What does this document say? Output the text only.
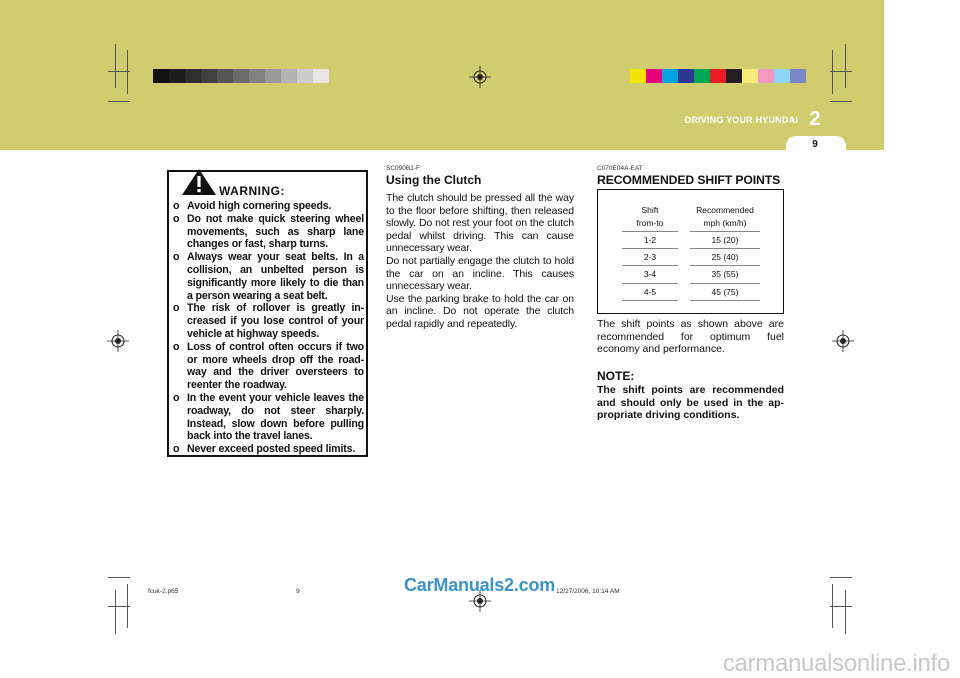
DRIVING YOUR HYUNDAI 2
9
WARNING:
o Avoid high cornering speeds.
o Do not make quick steering wheel movements, such as sharp lane changes or fast, sharp turns.
o Always wear your seat belts. In a collision, an unbelted person is significantly more likely to die than a person wearing a seat belt.
o The risk of rollover is greatly in- creased if you lose control of your vehicle at highway speeds.
o Loss of control often occurs if two or more wheels drop off the road- way and the driver oversteers to reenter the roadway.
o In the event your vehicle leaves the roadway, do not steer sharply. Instead, slow down before pulling back into the travel lanes.
o Never exceed posted speed limits.
SC090B1-F
Using the Clutch

The clutch should be pressed all the way to the floor before shifting, then released slowly. Do not rest your foot on the clutch pedal whilst driving. This can cause unnecessary wear.

Do not partially engage the clutch to hold the car on an incline. This causes unnecessary wear.

Use the parking brake to hold the car on an incline. Do not operate the clutch pedal rapidly and repeatedly.

C070E04A-EAT
RECOMMENDED SHIFT POINTS
Shift
from-to
1-2
2-3
3-4
4-5
Recommended
mph (km/h)
15 (20)
25 (40)
35 (55)
45 (75)
The shift points as shown above are recommended for optimum fuel economy and performance.
NOTE:
The shift points are recommended and should only be used in the ap- propriate driving conditions.
fcuk-2.p65	9	12/27/2006, 10:14 AM
CarManuals2.com
carmanualsonline.info
